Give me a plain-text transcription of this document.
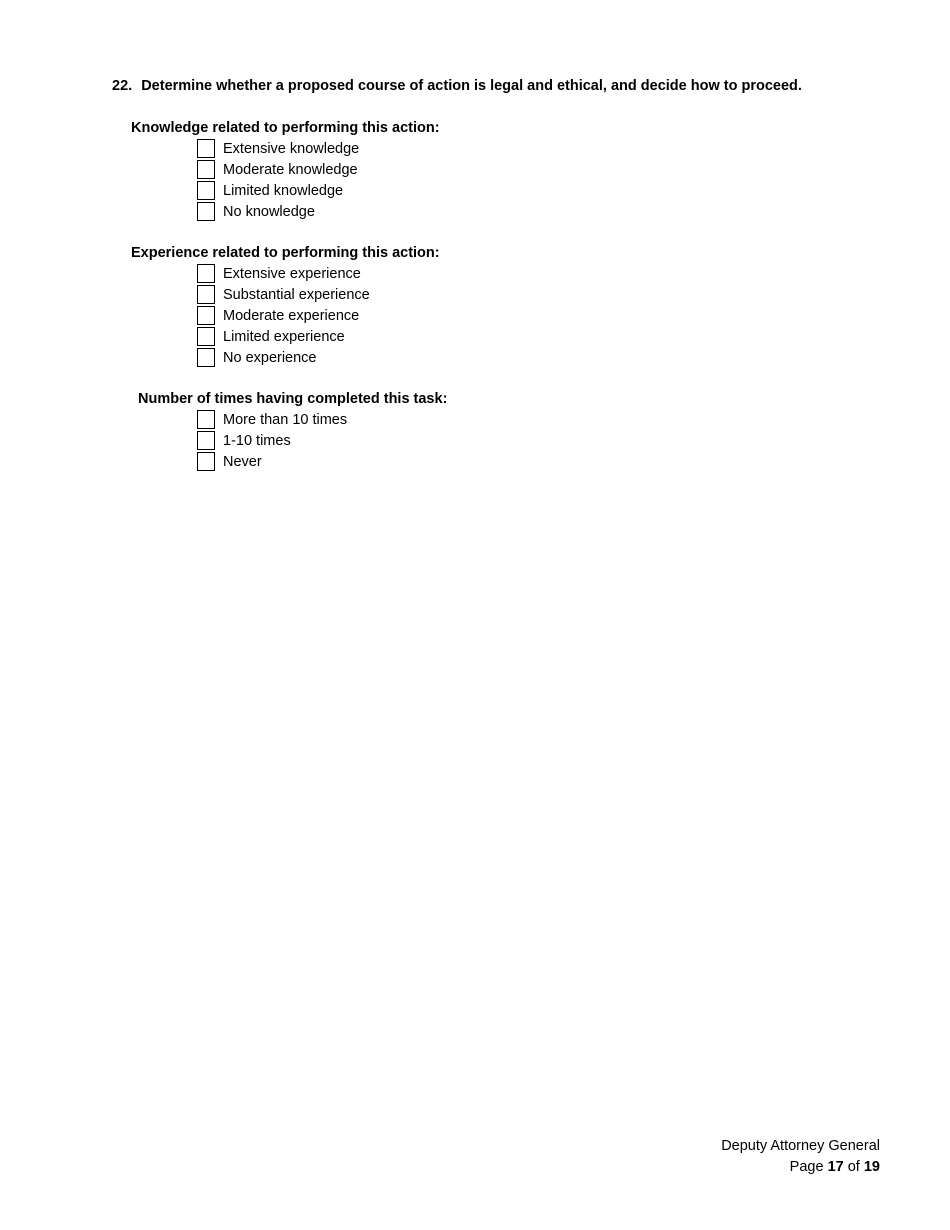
22. Determine whether a proposed course of action is legal and ethical, and decide how to proceed.
Knowledge related to performing this action:
Extensive knowledge
Moderate knowledge
Limited knowledge
No knowledge
Experience related to performing this action:
Extensive experience
Substantial experience
Moderate experience
Limited experience
No experience
Number of times having completed this task:
More than 10 times
1-10 times
Never
Deputy Attorney General
Page 17 of 19
